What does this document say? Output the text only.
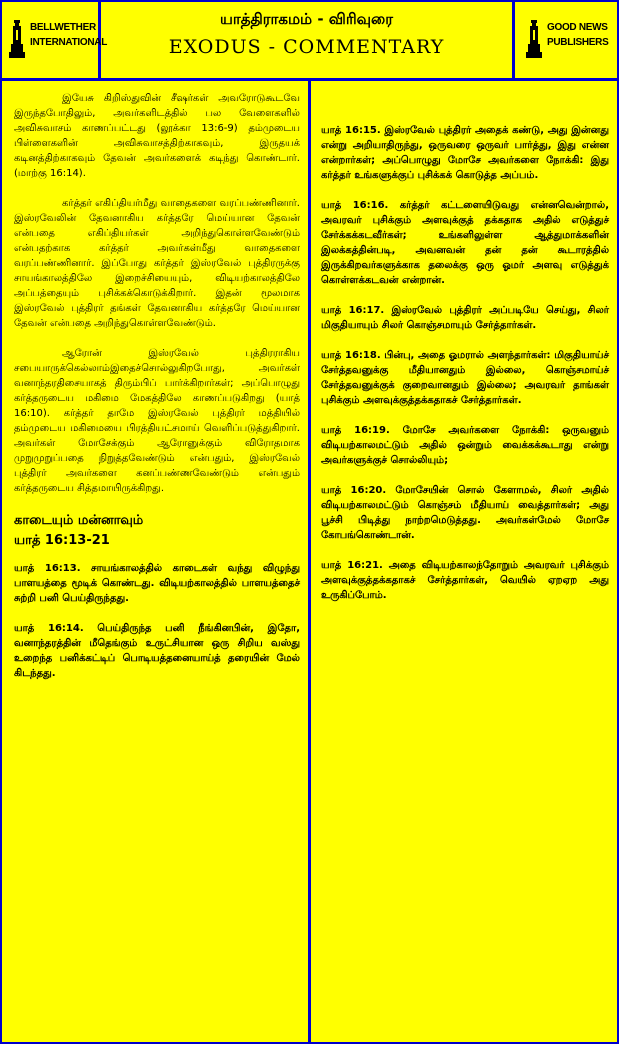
BELLWETHER
INTERNATIONAL
யாத்திராகமம் - விரிவுரை
EXODUS - COMMENTARY
GOOD NEWS
PUBLISHERS

இயேசு கிறிஸ்துவின் சீஷர்கள் அவரோடுகூடவே இருந்தபோதிலும், அவர்களிடத்தில் பல வேளைகளில் அவிசுவாசம் காணப்பட்டது (லூக்கா 13:6-9) தம்முடைய பிள்ளைகளின் அவிசுவாசத்திற்காகவும், இருதயக் கடினத்திற்காகவும் தேவன் அவர்களைக் கடிந்து கொண்டார். (மாற்கு 16:14).

கர்த்தர் எகிப்தியர்மீது வாதைகளை வரப்பண்ணினார். இஸ்ரவேலின் தேவனாகிய கர்த்தரே மெய்யான தேவன் என்பதை எகிப்தியர்கள் அறிந்துகொள்ளவேண்டும் என்பதற்காக கர்த்தர் அவர்கள்மீது வாதைகளை வரப்பண்ணினார். இப்போது கர்த்தர் இஸ்ரவேல் புத்திரருக்கு சாயங்காலத்திலே இறைச்சியையும், விடியற்காலத்திலே அப்பத்தையும் புசிக்கக்கொடுக்கிறார். இதன் மூலமாக இஸ்ரவேல் புத்திரர் தங்கள் தேவனாகிய கர்த்தரே மெய்யான தேவன் என்பதை அறிந்துகொள்ளவேண்டும்.

ஆரோன் இஸ்ரவேல் புத்திரராகிய சபையாருக்கெல்லாம்இதைச்சொல்லுகிறபோது, அவர்கள் வனாந்தரதிசையாகத் திரும்பிப் பார்க்கிறார்கள்; அப்பொழுது கர்த்தருடைய மகிமை மேகத்திலே காணப்படுகிறது (யாத் 16:10). கர்த்தர் தாமே இஸ்ரவேல் புத்திரர் மத்தியில் தம்முடைய மகிமையை பிரத்தியட்சமாய் வெளிப்படுத்துகிறார். அவர்கள் மோசேக்கும் ஆரோனுக்கும் விரோதமாக முறுமுறுப்பதை நிறுத்தவேண்டும் என்பதும், இஸ்ரவேல் புத்திரர் அவர்களை கனப்பண்ணவேண்டும் என்பதும் கர்த்தருடைய சித்தமாயிருக்கிறது.

காடையும் மன்னாவும்
யாத் 16:13-21

யாத் 16:13. சாயங்காலத்தில் காடைகள் வந்து விழுந்து பாளயத்தை மூடிக் கொண்டது. விடியற்காலத்தில் பாளயத்தைச் சுற்றி பனி பெய்திருந்தது.

யாத் 16:14. பெய்திருந்த பனி நீங்கினபின், இதோ, வனாந்தரத்தின் மீதெங்கும் உருட்சியான ஒரு சிறிய வஸ்து உறைந்த பனிக்கட்டிப் பொடியத்தனையாய்த் தரையின் மேல் கிடந்தது.

யாத் 16:15. இஸ்ரவேல் புத்திரர் அதைக் கண்டு, அது இன்னது என்று அறியாதிருந்து, ஒருவரை ஒருவர் பார்த்து, இது என்ன என்றார்கள்; அப்பொழுது மோசே அவர்களை நோக்கி: இது கர்த்தர் உங்களுக்குப் புசிக்கக் கொடுத்த அப்பம்.

யாத் 16:16. கர்த்தர் கட்டளையிடுவது என்னவென்றால், அவரவர் புசிக்கும் அளவுக்குத் தக்கதாக அதில் எடுத்துச் சேர்க்கக்கடவீர்கள்; உங்களிலுள்ள ஆத்துமாக்களின் இலக்கத்தின்படி, அவனவன் தன் தன் கூடாரத்தில் இருக்கிறவர்களுக்காக தலைக்கு ஒரு ஓமர் அளவு எடுத்துக் கொள்ளக்கடவன் என்றான்.

யாத் 16:17. இஸ்ரவேல் புத்திரர் அப்படியே செய்து, சிலர் மிகுதியாயும் சிலர் கொஞ்சமாயும் சேர்த்தார்கள்.

யாத் 16:18. பின்பு, அதை ஓமரால் அளந்தார்கள்: மிகுதியாய்ச் சேர்த்தவனுக்கு மீதியானதும் இல்லை, கொஞ்சமாய்ச் சேர்த்தவனுக்குக் குறைவானதும் இல்லை; அவரவர் தாங்கள் புசிக்கும் அளவுக்குத்தக்கதாகச் சேர்த்தார்கள்.

யாத் 16:19. மோசே அவர்களை நோக்கி: ஒருவனும் விடியற்காலமட்டும் அதில் ஒன்றும் வைக்கக்கூடாது என்று அவர்களுக்குச் சொல்லியும்;

யாத் 16:20. மோசேயின் சொல் கேளாமல், சிலர் அதில் விடியற்காலமட்டும் கொஞ்சம் மீதியாய் வைத்தார்கள்; அது பூச்சி பிடித்து நாற்றமெடுத்தது. அவர்கள்மேல் மோசே கோபங்கொண்டான்.

யாத் 16:21. அதை விடியற்காலந்தோறும் அவரவர் புசிக்கும் அளவுக்குத்தக்கதாகச் சேர்த்தார்கள், வெயில் ஏறஏற அது உருகிப்போம்.
